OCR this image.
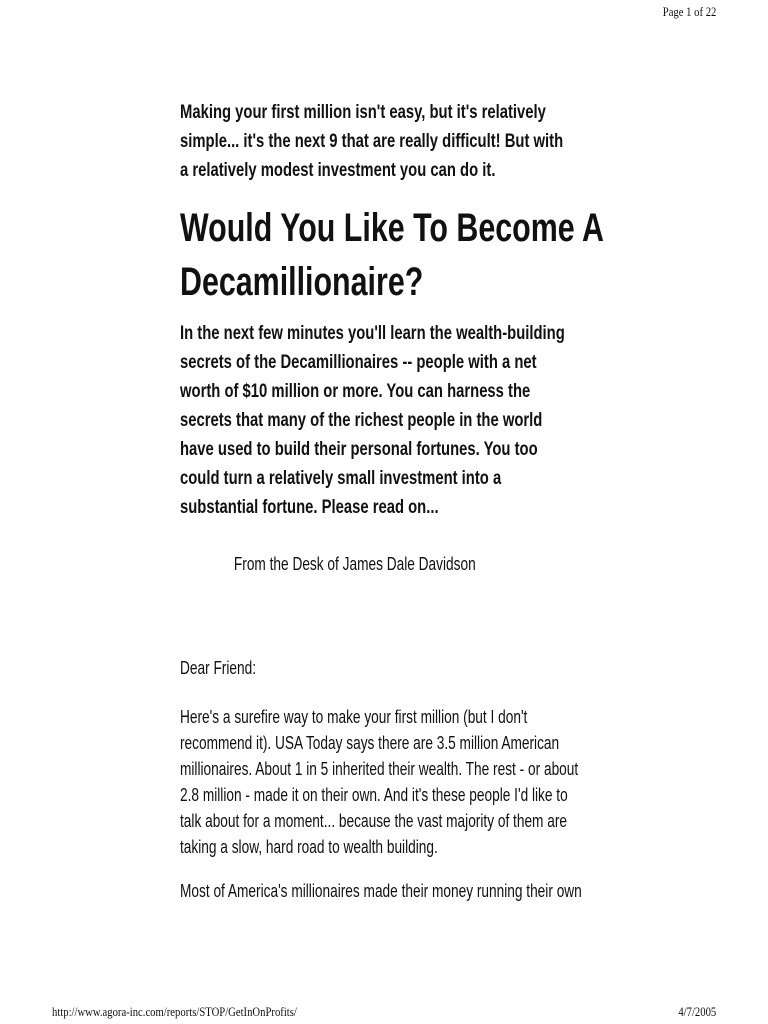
Page 1 of 22

Making your first million isn't easy, but it's relatively
simple... it's the next 9 that are really difficult! But with
a relatively modest investment you can do it.

Would You Like To Become A
Decamillionaire?

In the next few minutes you'll learn the wealth-building
secrets of the Decamillionaires -- people with a net
worth of $10 million or more. You can harness the
secrets that many of the richest people in the world
have used to build their personal fortunes. You too
could turn a relatively small investment into a
substantial fortune. Please read on...

From the Desk of James Dale Davidson

Dear Friend:

Here's a surefire way to make your first million (but I don't
recommend it). USA Today says there are 3.5 million American
millionaires. About 1 in 5 inherited their wealth. The rest - or about
2.8 million - made it on their own. And it's these people I'd like to
talk about for a moment... because the vast majority of them are
taking a slow, hard road to wealth building.

Most of America's millionaires made their money running their own

http://www.agora-inc.com/reports/STOP/GetInOnProfits/	4/7/2005
